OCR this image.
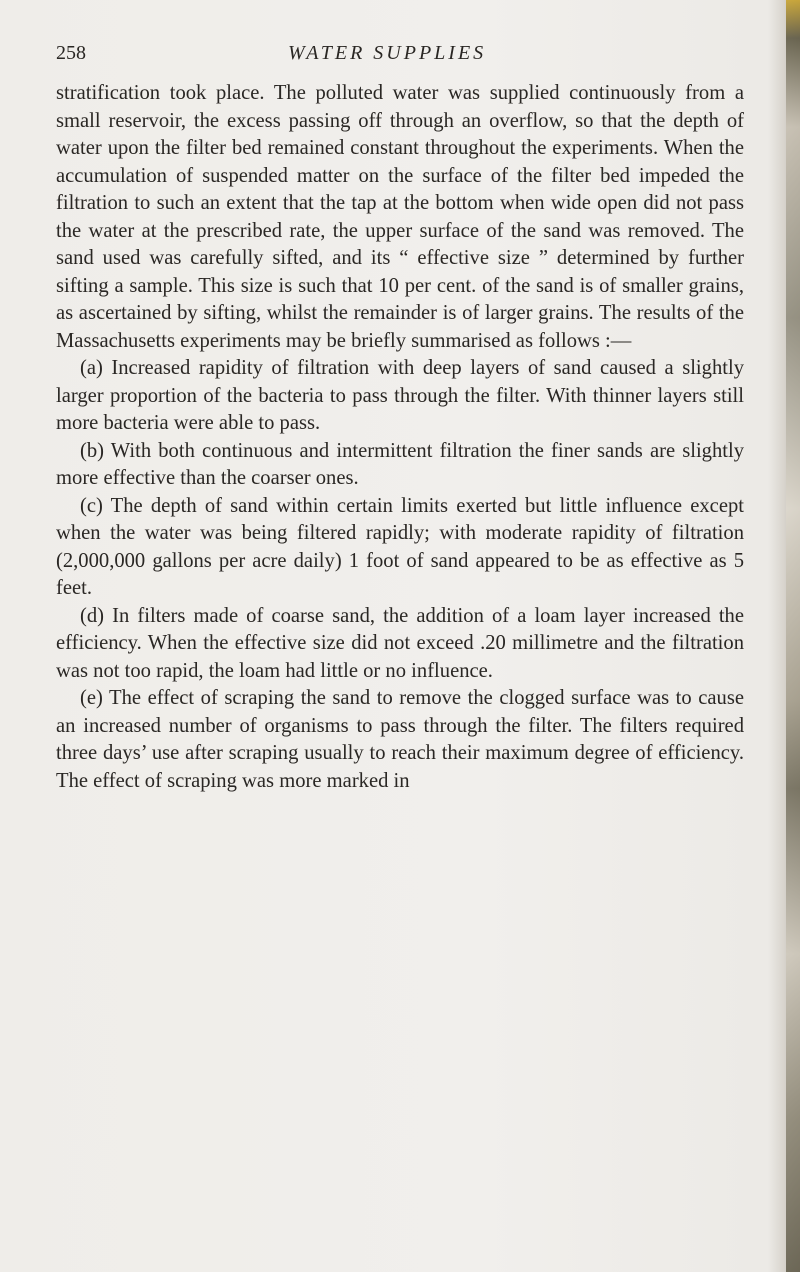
258	WATER SUPPLIES

stratification took place. The polluted water was supplied continuously from a small reservoir, the excess passing off through an overflow, so that the depth of water upon the filter bed remained constant throughout the experiments. When the accumulation of suspended matter on the surface of the filter bed impeded the filtration to such an extent that the tap at the bottom when wide open did not pass the water at the prescribed rate, the upper surface of the sand was removed. The sand used was carefully sifted, and its “ effective size ” determined by further sifting a sample. This size is such that 10 per cent. of the sand is of smaller grains, as ascertained by sifting, whilst the remainder is of larger grains. The results of the Massachusetts experiments may be briefly summarised as follows :—

(a) Increased rapidity of filtration with deep layers of sand caused a slightly larger proportion of the bacteria to pass through the filter. With thinner layers still more bacteria were able to pass.

(b) With both continuous and intermittent filtration the finer sands are slightly more effective than the coarser ones.

(c) The depth of sand within certain limits exerted but little influence except when the water was being filtered rapidly; with moderate rapidity of filtration (2,000,000 gallons per acre daily) 1 foot of sand appeared to be as effective as 5 feet.

(d) In filters made of coarse sand, the addition of a loam layer increased the efficiency. When the effective size did not exceed .20 millimetre and the filtration was not too rapid, the loam had little or no influence.

(e) The effect of scraping the sand to remove the clogged surface was to cause an increased number of organisms to pass through the filter. The filters required three days’ use after scraping usually to reach their maximum degree of efficiency. The effect of scraping was more marked in
